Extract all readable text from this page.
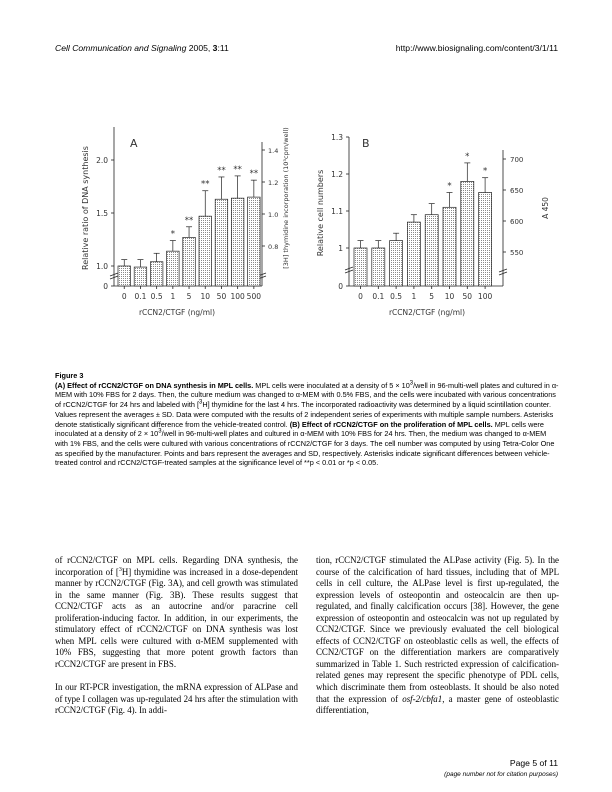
Cell Communication and Signaling 2005, 3:11	http://www.biosignaling.com/content/3/1/11
0
1.0
1.5
2.0
0.8
1.0
1.2
1.4
0 0.1 0.5
*
1
**
5
**
10
**
50
**
100
**
500
A
rCCN2/CTGF (ng/ml)
Relative ratio of DNA synthesis	[3H] thymidine incorporation (10³cpm/well)
0
1
1.1
1.2
1.3
550
600
650
700
0 0.1 0.5 1 5
*
10
*
50
*
100
B
rCCN2/CTGF (ng/ml)
Relative cell numbers	A 450

Figure 3

(A) Effect of rCCN2/CTGF on DNA synthesis in MPL cells. MPL cells were inoculated at a density of $5 \times 10^3$/well in 96-multi-well plates and cultured in α-MEM with 10% FBS for 2 days. Then, the culture medium was changed to α-MEM with 0.5% FBS, and the cells were incubated with various concentrations of rCCN2/CTGF for 24 hrs and labeled with [$^3$H] thymidine for the last 4 hrs. The incorporated radioactivity was determined by a liquid scintillation counter. Values represent the averages ± SD. Data were computed with the results of 2 independent series of experiments with multiple sample numbers. Asterisks denote statistically significant difference from the vehicle-treated control. (B) Effect of rCCN2/CTGF on the proliferation of MPL cells. MPL cells were inoculated at a density of $2 \times 10^3$/well in 96-multi-well plates and cultured in α-MEM with 10% FBS for 24 hrs. Then, the medium was changed to α-MEM with 1% FBS, and the cells were cultured with various concentrations of rCCN2/CTGF for 3 days. The cell number was computed by using Tetra-Color One as specified by the manufacturer. Points and bars represent the averages and SD, respectively. Asterisks indicate significant differences between vehicle-treated control and rCCN2/CTGF-treated samples at the significance level of **p < 0.01 or *p < 0.05.

of rCCN2/CTGF on MPL cells. Regarding DNA synthesis, the incorporation of [$^3$H] thymidine was increased in a dose-dependent manner by rCCN2/CTGF (Fig. 3A), and cell growth was stimulated in the same manner (Fig. 3B). These results suggest that CCN2/CTGF acts as an autocrine and/or paracrine cell proliferation-inducing factor. In addition, in our experiments, the stimulatory effect of rCCN2/CTGF on DNA synthesis was lost when MPL cells were cultured with α-MEM supplemented with 10% FBS, suggesting that more potent growth factors than rCCN2/CTGF are present in FBS.

In our RT-PCR investigation, the mRNA expression of ALPase and of type I collagen was up-regulated 24 hrs after the stimulation with rCCN2/CTGF (Fig. 4). In addi-

tion, rCCN2/CTGF stimulated the ALPase activity (Fig. 5). In the course of the calcification of hard tissues, including that of MPL cells in cell culture, the ALPase level is first up-regulated, the expression levels of osteopontin and osteocalcin are then up-regulated, and finally calcification occurs [38]. However, the gene expression of osteopontin and osteocalcin was not up regulated by CCN2/CTGF. Since we previously evaluated the cell biological effects of CCN2/CTGF on osteoblastic cells as well, the effects of CCN2/CTGF on the differentiation markers are comparatively summarized in Table 1. Such restricted expression of calcification-related genes may represent the specific phenotype of PDL cells, which discriminate them from osteoblasts. It should be also noted that the expression of osf-2/cbfa1, a master gene of osteoblastic differentiation,

Page 5 of 11
(page number not for citation purposes)
